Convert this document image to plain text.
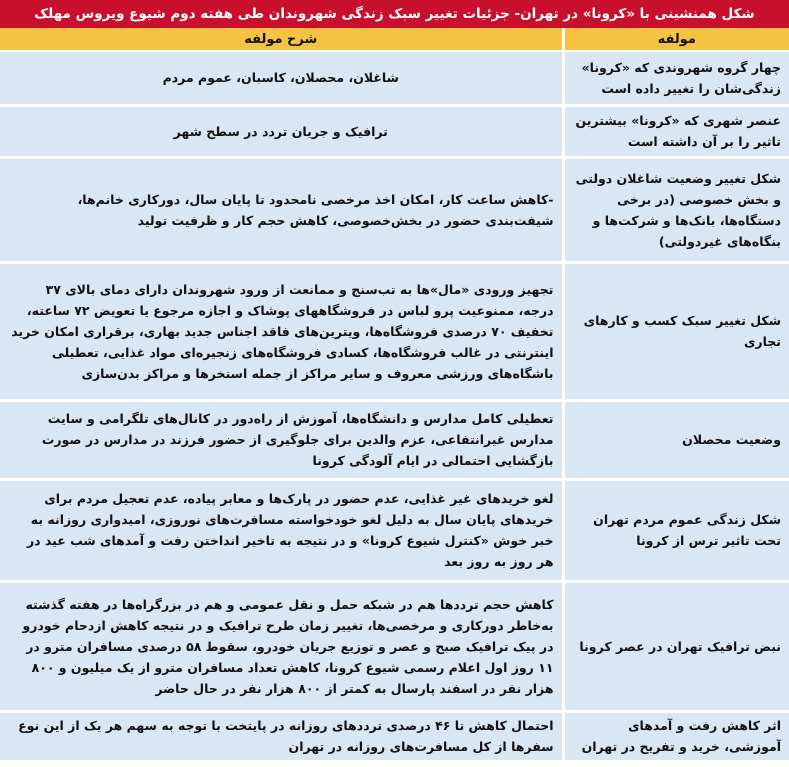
شکل همنشینی با «کرونا» در تهران- جزئیات تغییر سبک زندگی شهروندان طی هفته دوم شیوع ویروس مهلک
مولفه	شرح مولفه
چهار گروه شهروندی که «کرونا» زندگی‌شان را تغییر داده است	شاغلان، محصلان، کاسبان، عموم مردم
عنصر شهری که «کرونا» بیشترین تاثیر را بر آن داشته است	ترافیک و جریان تردد در سطح شهر
شکل تغییر وضعیت شاغلان دولتی و بخش خصوصی (در برخی دستگاه‌ها، بانک‌ها و شرکت‌ها و بنگاه‌های غیردولتی)	-کاهش ساعت کار، امکان اخذ مرخصی نامحدود تا پایان سال، دورکاری خانم‌ها، شیفت‌بندی حضور در بخش‌خصوصی، کاهش حجم کار و ظرفیت تولید
شکل تغییر سبک کسب و کارهای تجاری	تجهیز ورودی «مال»ها به تب‌سنج و ممانعت از ورود شهروندان دارای دمای بالای ۳۷ درجه، ممنوعیت پرو لباس در فروشگاههای پوشاک و اجازه مرجوع یا تعویض ۷۲ ساعته، تخفیف ۷۰ درصدی فروشگاه‌ها، ویترین‌های فاقد اجناس جدید بهاری، برقراری امکان خرید اینترنتی در غالب فروشگاه‌ها، کسادی فروشگاه‌های زنجیره‌ای مواد غذایی، تعطیلی باشگاه‌های ورزشی معروف و سایر مراکز از جمله استخرها و مراکز بدن‌سازی
وضعیت محصلان	تعطیلی کامل مدارس و دانشگاه‌ها، آموزش از راه‌دور در کانال‌های تلگرامی و سایت مدارس غیرانتفاعی، عزم والدین برای جلوگیری از حضور فرزند در مدارس در صورت بازگشایی احتمالی در ایام آلودگی کرونا
شکل زندگی عموم مردم تهران تحت تاثیر ترس از کرونا	لغو خریدهای غیر غذایی، عدم حضور در پارک‌ها و معابر پیاده، عدم تعجیل مردم برای خریدهای پایان سال به دلیل لغو خودخواسته مسافرت‌های نوروزی، امیدواری روزانه به خبر خوش «کنترل شیوع کرونا» و در نتیجه به تاخیر انداختن رفت و آمدهای شب عید در هر روز به روز بعد
نبض ترافیک تهران در عصر کرونا	کاهش حجم ترددها هم در شبکه حمل و نقل عمومی و هم در بزرگراه‌ها در هفته گذشته به‌خاطر دورکاری و مرخصی‌ها، تغییر زمان طرح ترافیک و در نتیجه کاهش ازدحام خودرو در پیک ترافیک صبح و عصر و توزیع جریان خودرو، سقوط ۵۸ درصدی مسافران مترو در ۱۱ روز اول اعلام رسمی شیوع کرونا، کاهش تعداد مسافران مترو از یک میلیون و ۸۰۰ هزار نفر در اسفند پارسال به کمتر از ۸۰۰ هزار نفر در حال حاضر
اثر کاهش رفت و آمدهای آموزشی، خرید و تفریح در تهران	احتمال کاهش تا ۴۶ درصدی ترددهای روزانه در پایتخت با توجه به سهم هر یک از این نوع سفرها از کل مسافرت‌های روزانه در تهران
